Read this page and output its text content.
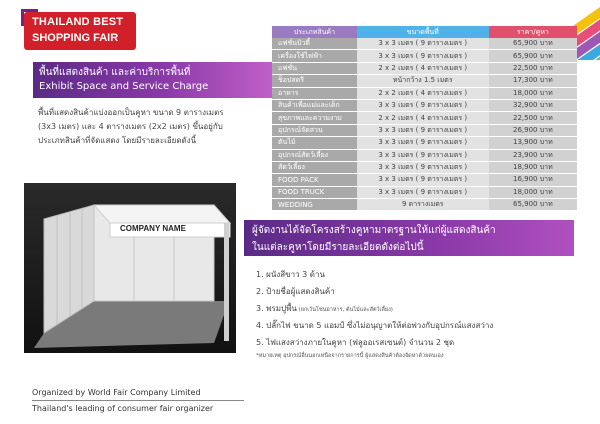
THAILAND BEST
SHOPPING FAIR
พื้นที่แสดงสินค้า และค่าบริการพื้นที่
Exhibit Space and Service Charge
พื้นที่แสดงสินค้าแบ่งออกเป็นคูหา ขนาด 9 ตารางเมตร
(3x3 เมตร) และ 4 ตารางเมตร (2x2 เมตร) ขึ้นอยู่กับ
ประเภทสินค้าที่จัดแสดง โดยมีรายละเอียดดังนี้
COMPANY NAME
ประเภทสินค้า	ขนาดพื้นที่	ราคา/คูหา
แฟชั่นบิวตี้	3 x 3 เมตร ( 9 ตารางเมตร )	65,900 บาท
เครื่องใช้ไฟฟ้า	3 x 3 เมตร ( 9 ตารางเมตร )	65,900 บาท
แฟชั่น	2 x 2 เมตร ( 4 ตารางเมตร )	22,500 บาท
ช็อปสตรี	หน้ากว้าง 1.5 เมตร	17,300 บาท
อาหาร	2 x 2 เมตร ( 4 ตารางเมตร )	18,000 บาท
สินค้าเพื่อแม่และเด็ก	3 x 3 เมตร ( 9 ตารางเมตร )	32,900 บาท
สุขภาพและความงาม	2 x 2 เมตร ( 4 ตารางเมตร )	22,500 บาท
อุปกรณ์จัดสวน	3 x 3 เมตร ( 9 ตารางเมตร )	26,900 บาท
ตันไม้	3 x 3 เมตร ( 9 ตารางเมตร )	13,900 บาท
อุปกรณ์สัตว์เลี้ยง	3 x 3 เมตร ( 9 ตารางเมตร )	23,900 บาท
สัตว์เลี้ยง	3 x 3 เมตร ( 9 ตารางเมตร )	18,900 บาท
FOOD PACK	3 x 3 เมตร ( 9 ตารางเมตร )	16,900 บาท
FOOD TRUCK	3 x 3 เมตร ( 9 ตารางเมตร )	18,000 บาท
WEDDING	9 ตารางเมตร	65,900 บาท
ผู้จัดงานได้จัดโครงสร้างคูหามาตรฐานให้แก่ผู้แสดงสินค้า
ในแต่ละคูหาโดยมีรายละเอียดดังต่อไปนี้
1. ผนังสีขาว 3 ด้าน
2. ป้ายชื่อผู้แสดงสินค้า
3. พรมปูพื้น (ยกเว้นโซนอาหาร, ต้นไม้และสัตว์เลี้ยง)
4. ปลั๊กไฟ ขนาด 5 แอมป์ ซึ่งไม่อนุญาตให้ต่อพ่วงกับอุปกรณ์แสงสว่าง
5. ไฟแสงสว่างภายในคูหา (ฟลูออเรสเซนต์) จำนวน 2 ชุด
*หมายเหตุ อุปกรณ์อื่นนอกเหนือจากรายการนี้ ผู้แสดงสินค้าต้องจัดหาด้วยตนเอง
Organized by World Fair Company Limited
Thailand's leading of consumer fair organizer
